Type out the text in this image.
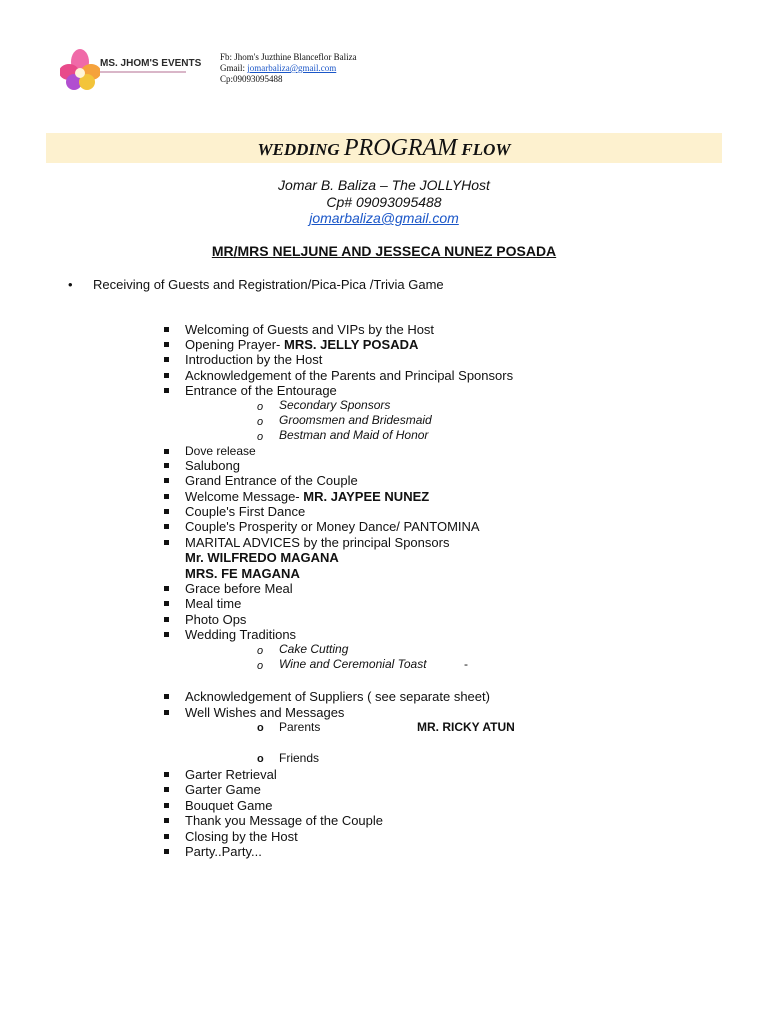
MS. JHOM'S EVENTS
Fb: Jhom's Juzthine Blanceflor Baliza
Gmail: jomarbaliza@gmail.com
Cp:09093095488
WEDDING PROGRAM FLOW
Jomar B. Baliza – The JOLLYHost
Cp# 09093095488
jomarbaliza@gmail.com
MR/MRS NELJUNE AND JESSECA NUNEZ POSADA
• Receiving of Guests and Registration/Pica-Pica /Trivia Game
Welcoming of Guests and VIPs by the Host
Opening Prayer- MRS. JELLY POSADA
Introduction by the Host
Acknowledgement of the Parents and Principal Sponsors
Entrance of the Entourage
o Secondary Sponsors
o Groomsmen and Bridesmaid
o Bestman and Maid of Honor
Dove release
Salubong
Grand Entrance of the Couple
Welcome Message- MR. JAYPEE NUNEZ
Couple's First Dance
Couple's Prosperity or Money Dance/ PANTOMINA
MARITAL ADVICES by the principal Sponsors
Mr. WILFREDO MAGANA
MRS. FE MAGANA
Grace before Meal
Meal time
Photo Ops
Wedding Traditions
o Cake Cutting
o Wine and Ceremonial Toast	-
Acknowledgement of Suppliers ( see separate sheet)
Well Wishes and Messages
o Parents	MR. RICKY ATUN
o Friends
Garter Retrieval
Garter Game
Bouquet Game
Thank you Message of the Couple
Closing by the Host
Party..Party...
